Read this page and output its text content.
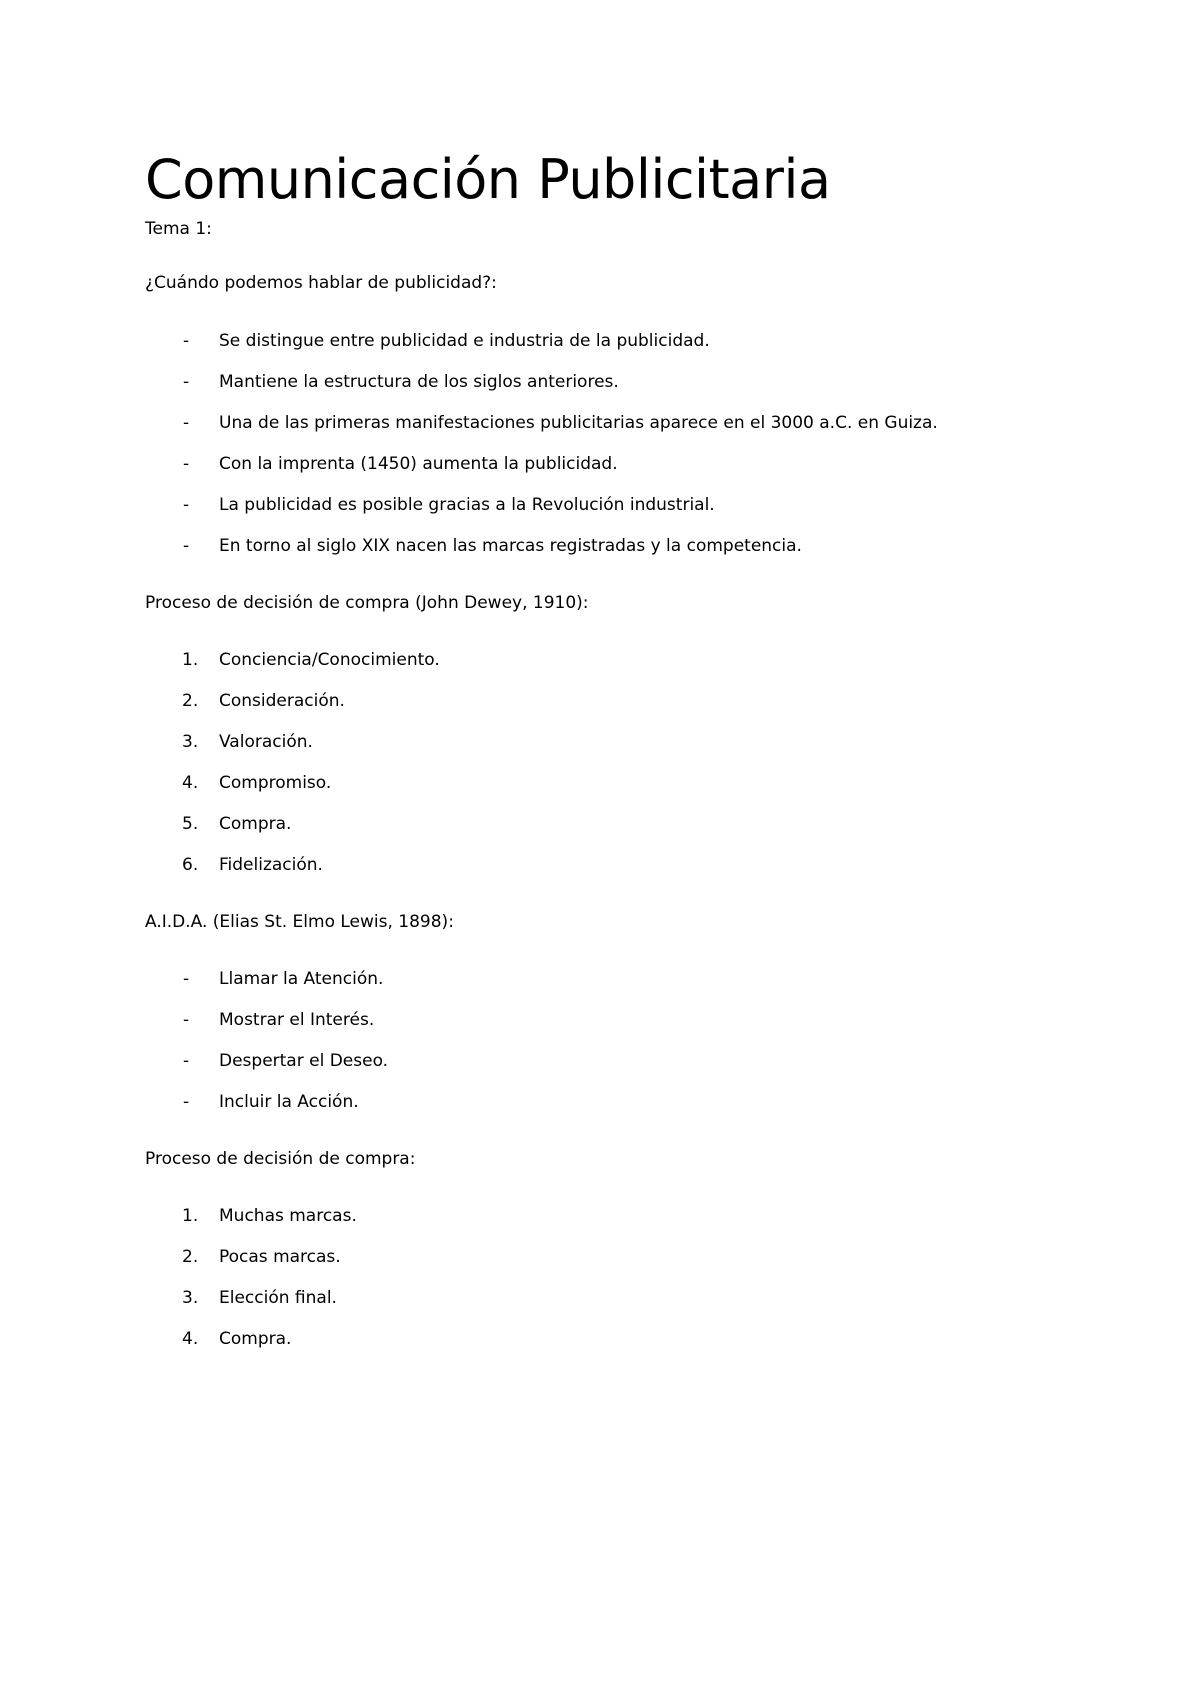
Comunicación Publicitaria

Tema 1:

¿Cuándo podemos hablar de publicidad?:

-	Se distingue entre publicidad e industria de la publicidad.
-	Mantiene la estructura de los siglos anteriores.
-	Una de las primeras manifestaciones publicitarias aparece en el 3000 a.C. en Guiza.
-	Con la imprenta (1450) aumenta la publicidad.
-	La publicidad es posible gracias a la Revolución industrial.
-	En torno al siglo XIX nacen las marcas registradas y la competencia.

Proceso de decisión de compra (John Dewey, 1910):

1.	Conciencia/Conocimiento.
2.	Consideración.
3.	Valoración.
4.	Compromiso.
5.	Compra.
6.	Fidelización.

A.I.D.A. (Elias St. Elmo Lewis, 1898):

-	Llamar la Atención.
-	Mostrar el Interés.
-	Despertar el Deseo.
-	Incluir la Acción.

Proceso de decisión de compra:

1.	Muchas marcas.
2.	Pocas marcas.
3.	Elección final.
4.	Compra.
